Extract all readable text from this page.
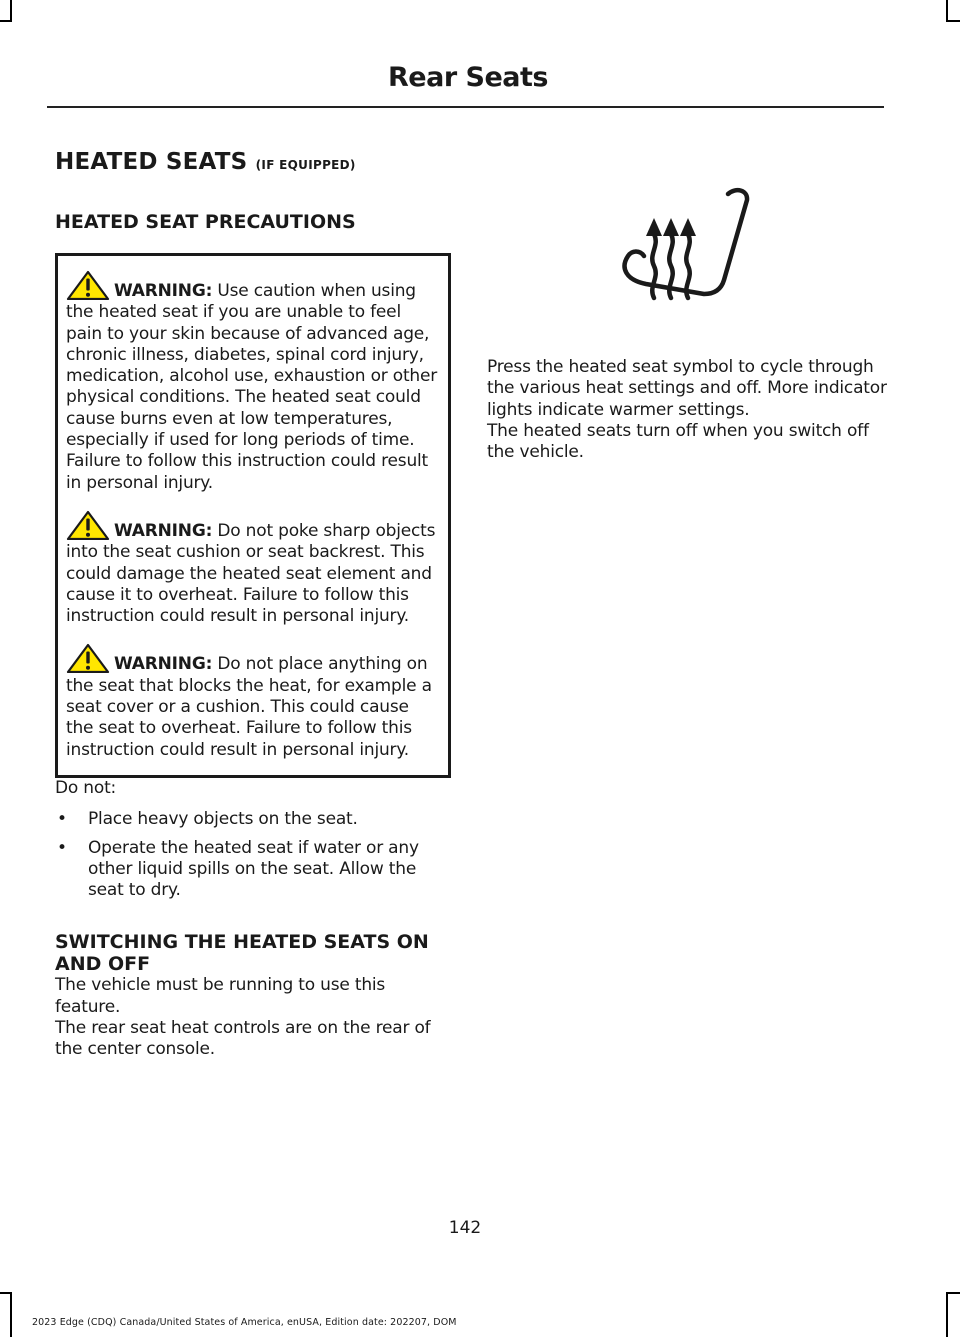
Rear Seats
HEATED SEATS (IF EQUIPPED)
HEATED SEAT PRECAUTIONS

WARNING: Use caution when using the heated seat if you are unable to feel pain to your skin because of advanced age, chronic illness, diabetes, spinal cord injury, medication, alcohol use, exhaustion or other physical conditions. The heated seat could cause burns even at low temperatures, especially if used for long periods of time. Failure to follow this instruction could result in personal injury.

WARNING: Do not poke sharp objects into the seat cushion or seat backrest. This could damage the heated seat element and cause it to overheat. Failure to follow this instruction could result in personal injury.

WARNING: Do not place anything on the seat that blocks the heat, for example a seat cover or a cushion. This could cause the seat to overheat. Failure to follow this instruction could result in personal injury.

Do not:

• Place heavy objects on the seat.
• Operate the heated seat if water or any other liquid spills on the seat. Allow the seat to dry.
SWITCHING THE HEATED SEATS ON AND OFF

The vehicle must be running to use this feature.

The rear seat heat controls are on the rear of the center console.

Press the heated seat symbol to cycle through the various heat settings and off. More indicator lights indicate warmer settings.

The heated seats turn off when you switch off the vehicle.

142
2023 Edge (CDQ) Canada/United States of America, enUSA, Edition date: 202207, DOM
